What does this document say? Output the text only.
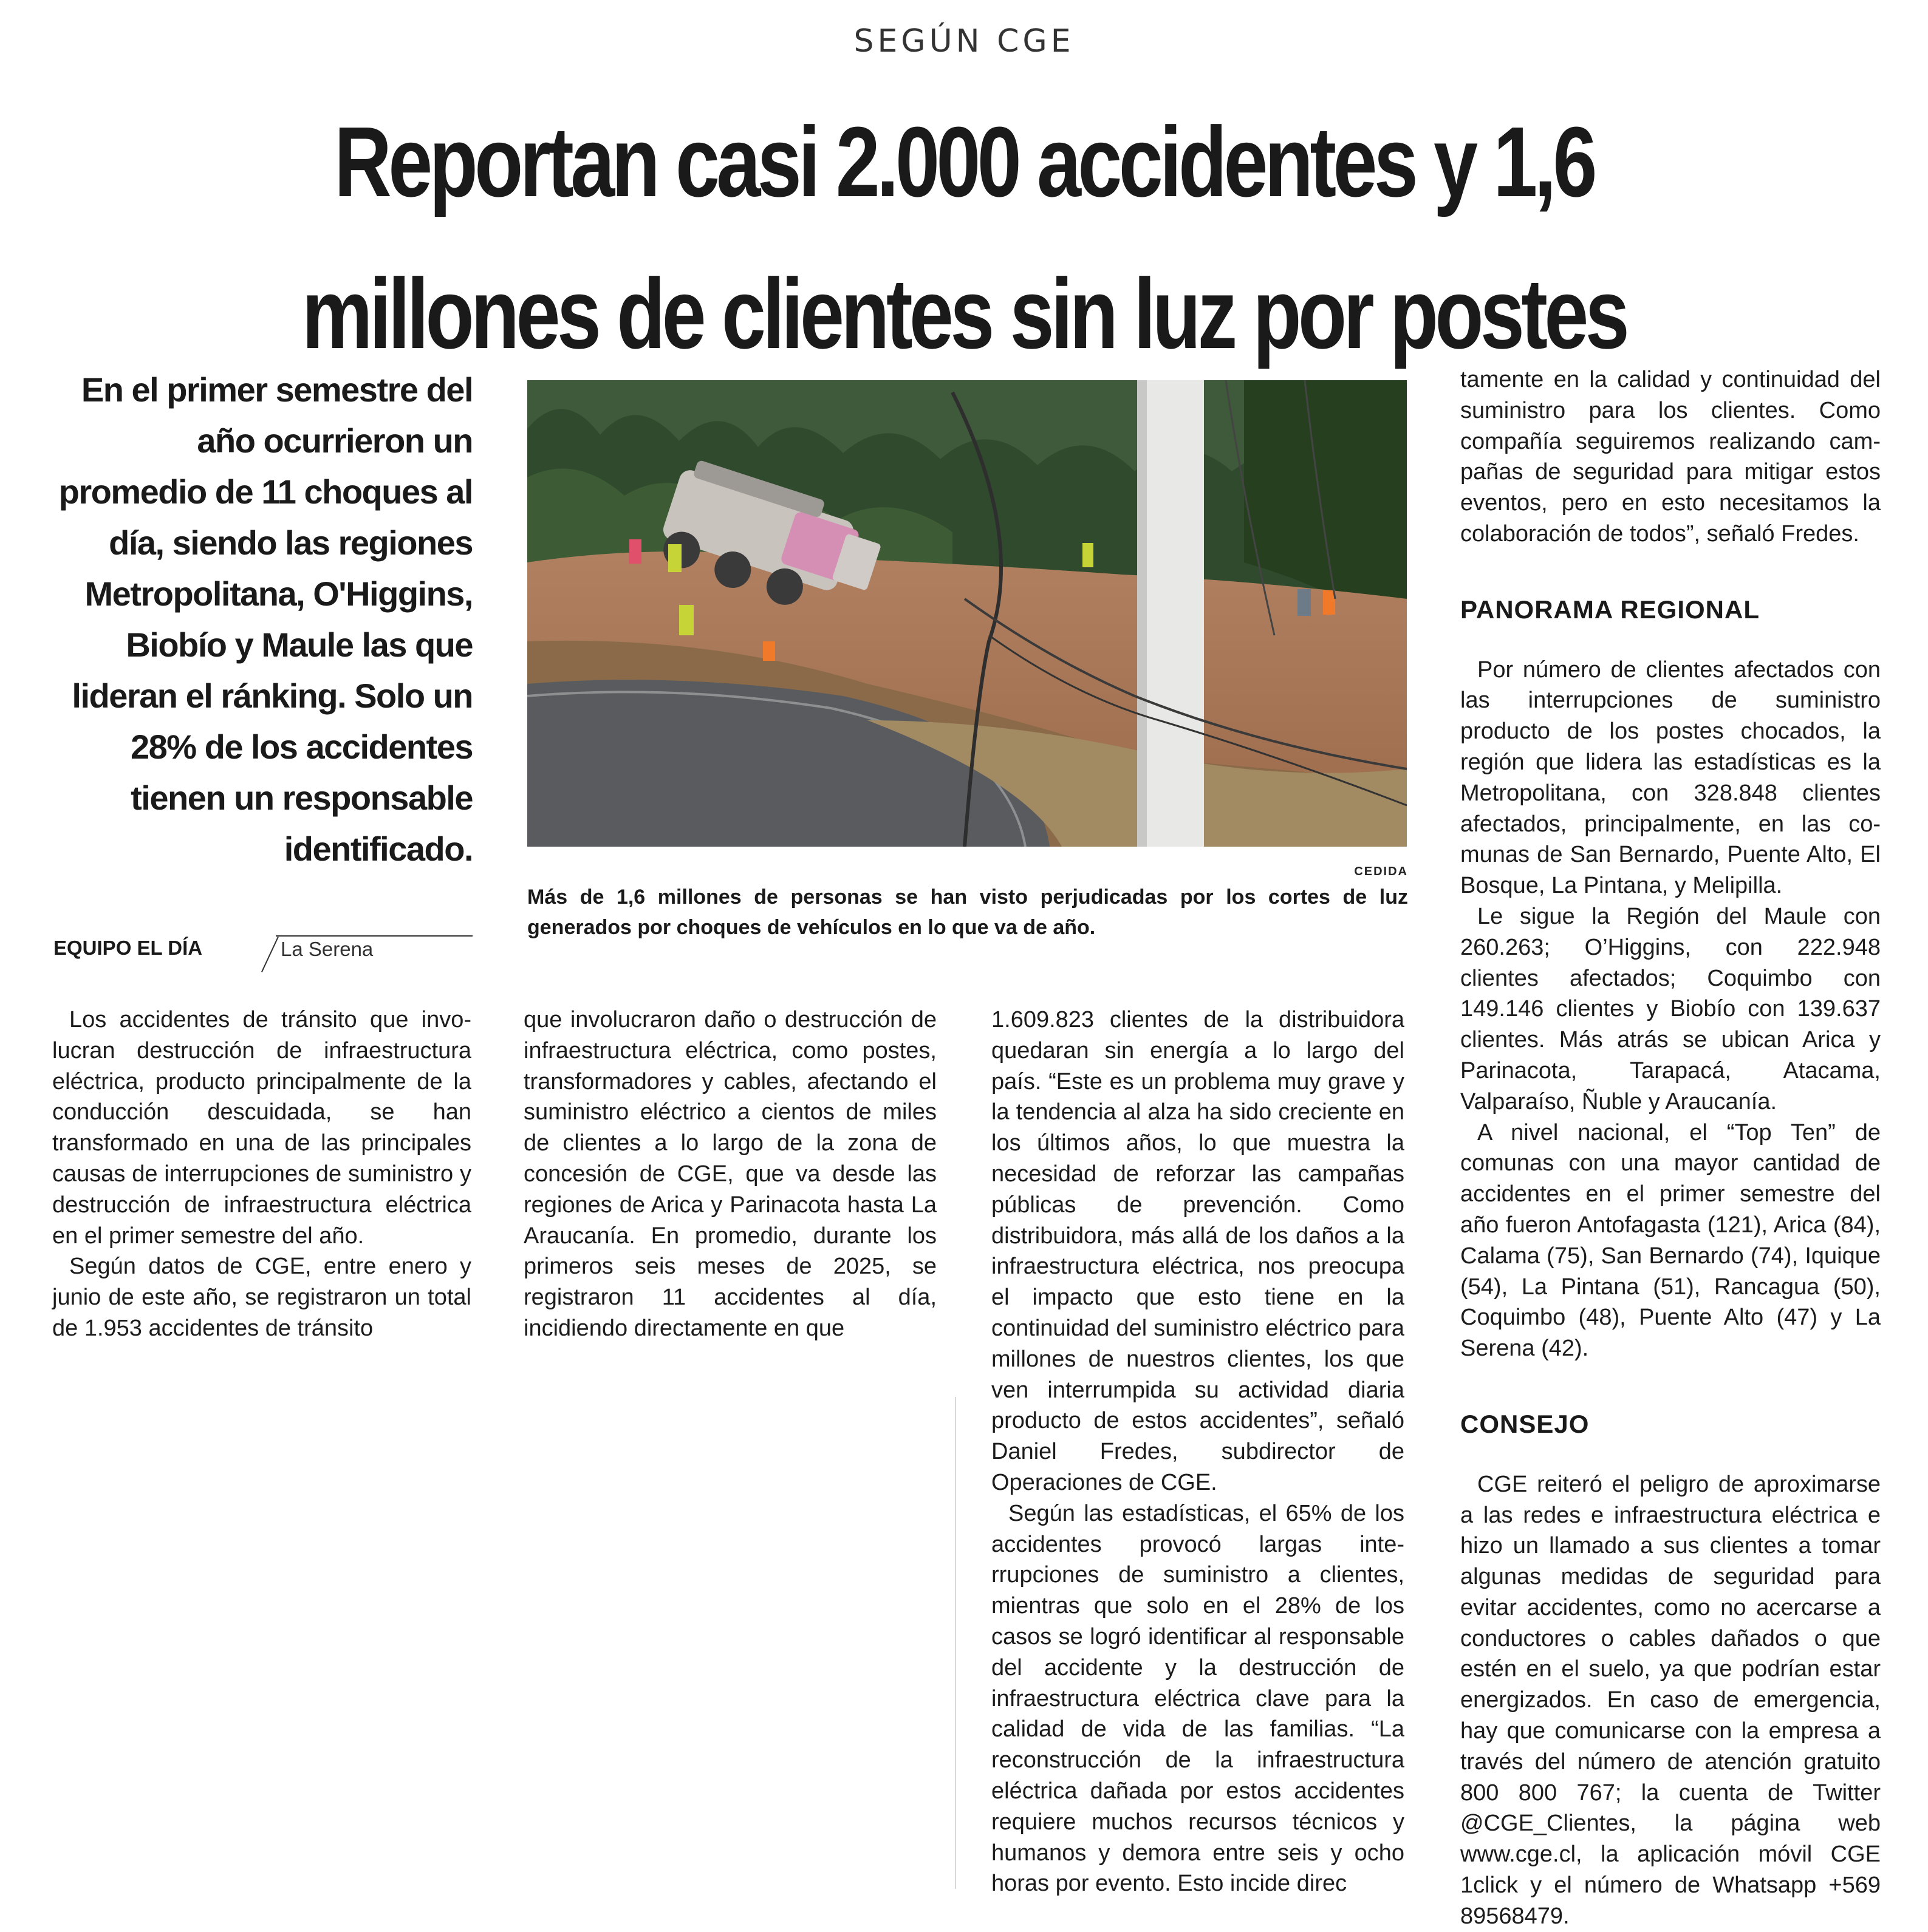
SEGÚN CGE
Reportan casi 2.000 accidentes y 1,6 millones de clientes sin luz por postes
En el primer semestre del año ocurrieron un promedio de 11 choques al día, siendo las regiones Metropolitana, O'Higgins, Biobío y Maule las que lideran el ránking. Solo un 28% de los accidentes tienen un responsable identificado.
EQUIPO EL DÍA	La Serena
CEDIDA
Más de 1,6 millones de personas se han visto perjudicadas por los cortes de luz generados por choques de vehículos en lo que va de año.

Los accidentes de tránsito que involucran destrucción de infraestructura eléctrica, producto principalmente de la conducción descuidada, se han transformado en una de las principales causas de interrupciones de suministro y destrucción de infraestructura eléctrica en el primer semestre del año.

Según datos de CGE, entre enero y junio de este año, se registraron un total de 1.953 accidentes de tránsito

que involucraron daño o destrucción de infraestructura eléctrica, como postes, transformadores y cables, afectando el suministro eléctrico a cientos de miles de clientes a lo largo de la zona de concesión de CGE, que va desde las regiones de Arica y Parinacota hasta La Araucanía. En promedio, durante los primeros seis meses de 2025, se registraron 11 accidentes al día, incidiendo directamente en que

1.609.823 clientes de la distribuidora quedaran sin energía a lo largo del país. “Este es un problema muy grave y la tendencia al alza ha sido creciente en los últimos años, lo que muestra la necesidad de reforzar las campañas públicas de prevención. Como distribuidora, más allá de los daños a la infraestructura eléctrica, nos preocupa el impacto que esto tiene en la continuidad del suministro eléctrico para millones de nuestros clientes, los que ven interrumpida su actividad diaria producto de estos accidentes”, señaló Daniel Fredes, subdirector de Operaciones de CGE.

Según las estadísticas, el 65% de los accidentes provocó largas interrupciones de suministro a clientes, mientras que solo en el 28% de los casos se logró identificar al responsable del accidente y la destrucción de infraestructura eléctrica clave para la calidad de vida de las familias. “La reconstrucción de la infraestructura eléctrica dañada por estos accidentes requiere muchos recursos técnicos y humanos y demora entre seis y ocho horas por evento. Esto incide direc

tamente en la calidad y continuidad del suministro para los clientes. Como compañía seguiremos realizando campañas de seguridad para mitigar estos eventos, pero en esto necesitamos la colaboración de todos”, señaló Fredes.

PANORAMA REGIONAL

Por número de clientes afectados con las interrupciones de suministro producto de los postes chocados, la región que lidera las estadísticas es la Metropolitana, con 328.848 clientes afectados, principalmente, en las comunas de San Bernardo, Puente Alto, El Bosque, La Pintana, y Melipilla.

Le sigue la Región del Maule con 260.263; O’Higgins, con 222.948 clientes afectados; Coquimbo con 149.146 clientes y Biobío con 139.637 clientes. Más atrás se ubican Arica y Parinacota, Tarapacá, Atacama, Valparaíso, Ñuble y Araucanía.

A nivel nacional, el “Top Ten” de comunas con una mayor cantidad de accidentes en el primer semestre del año fueron Antofagasta (121), Arica (84), Calama (75), San Bernardo (74), Iquique (54), La Pintana (51), Rancagua (50), Coquimbo (48), Puente Alto (47) y La Serena (42).

CONSEJO

CGE reiteró el peligro de aproximarse a las redes e infraestructura eléctrica e hizo un llamado a sus clientes a tomar algunas medidas de seguridad para evitar accidentes, como no acercarse a conductores o cables dañados o que estén en el suelo, ya que podrían estar energizados. En caso de emergencia, hay que comunicarse con la empresa a través del número de atención gratuito 800 800 767; la cuenta de Twitter @CGE_Clientes, la página web www.cge.cl, la aplicación móvil CGE 1click y el número de Whatsapp +569 89568479.
